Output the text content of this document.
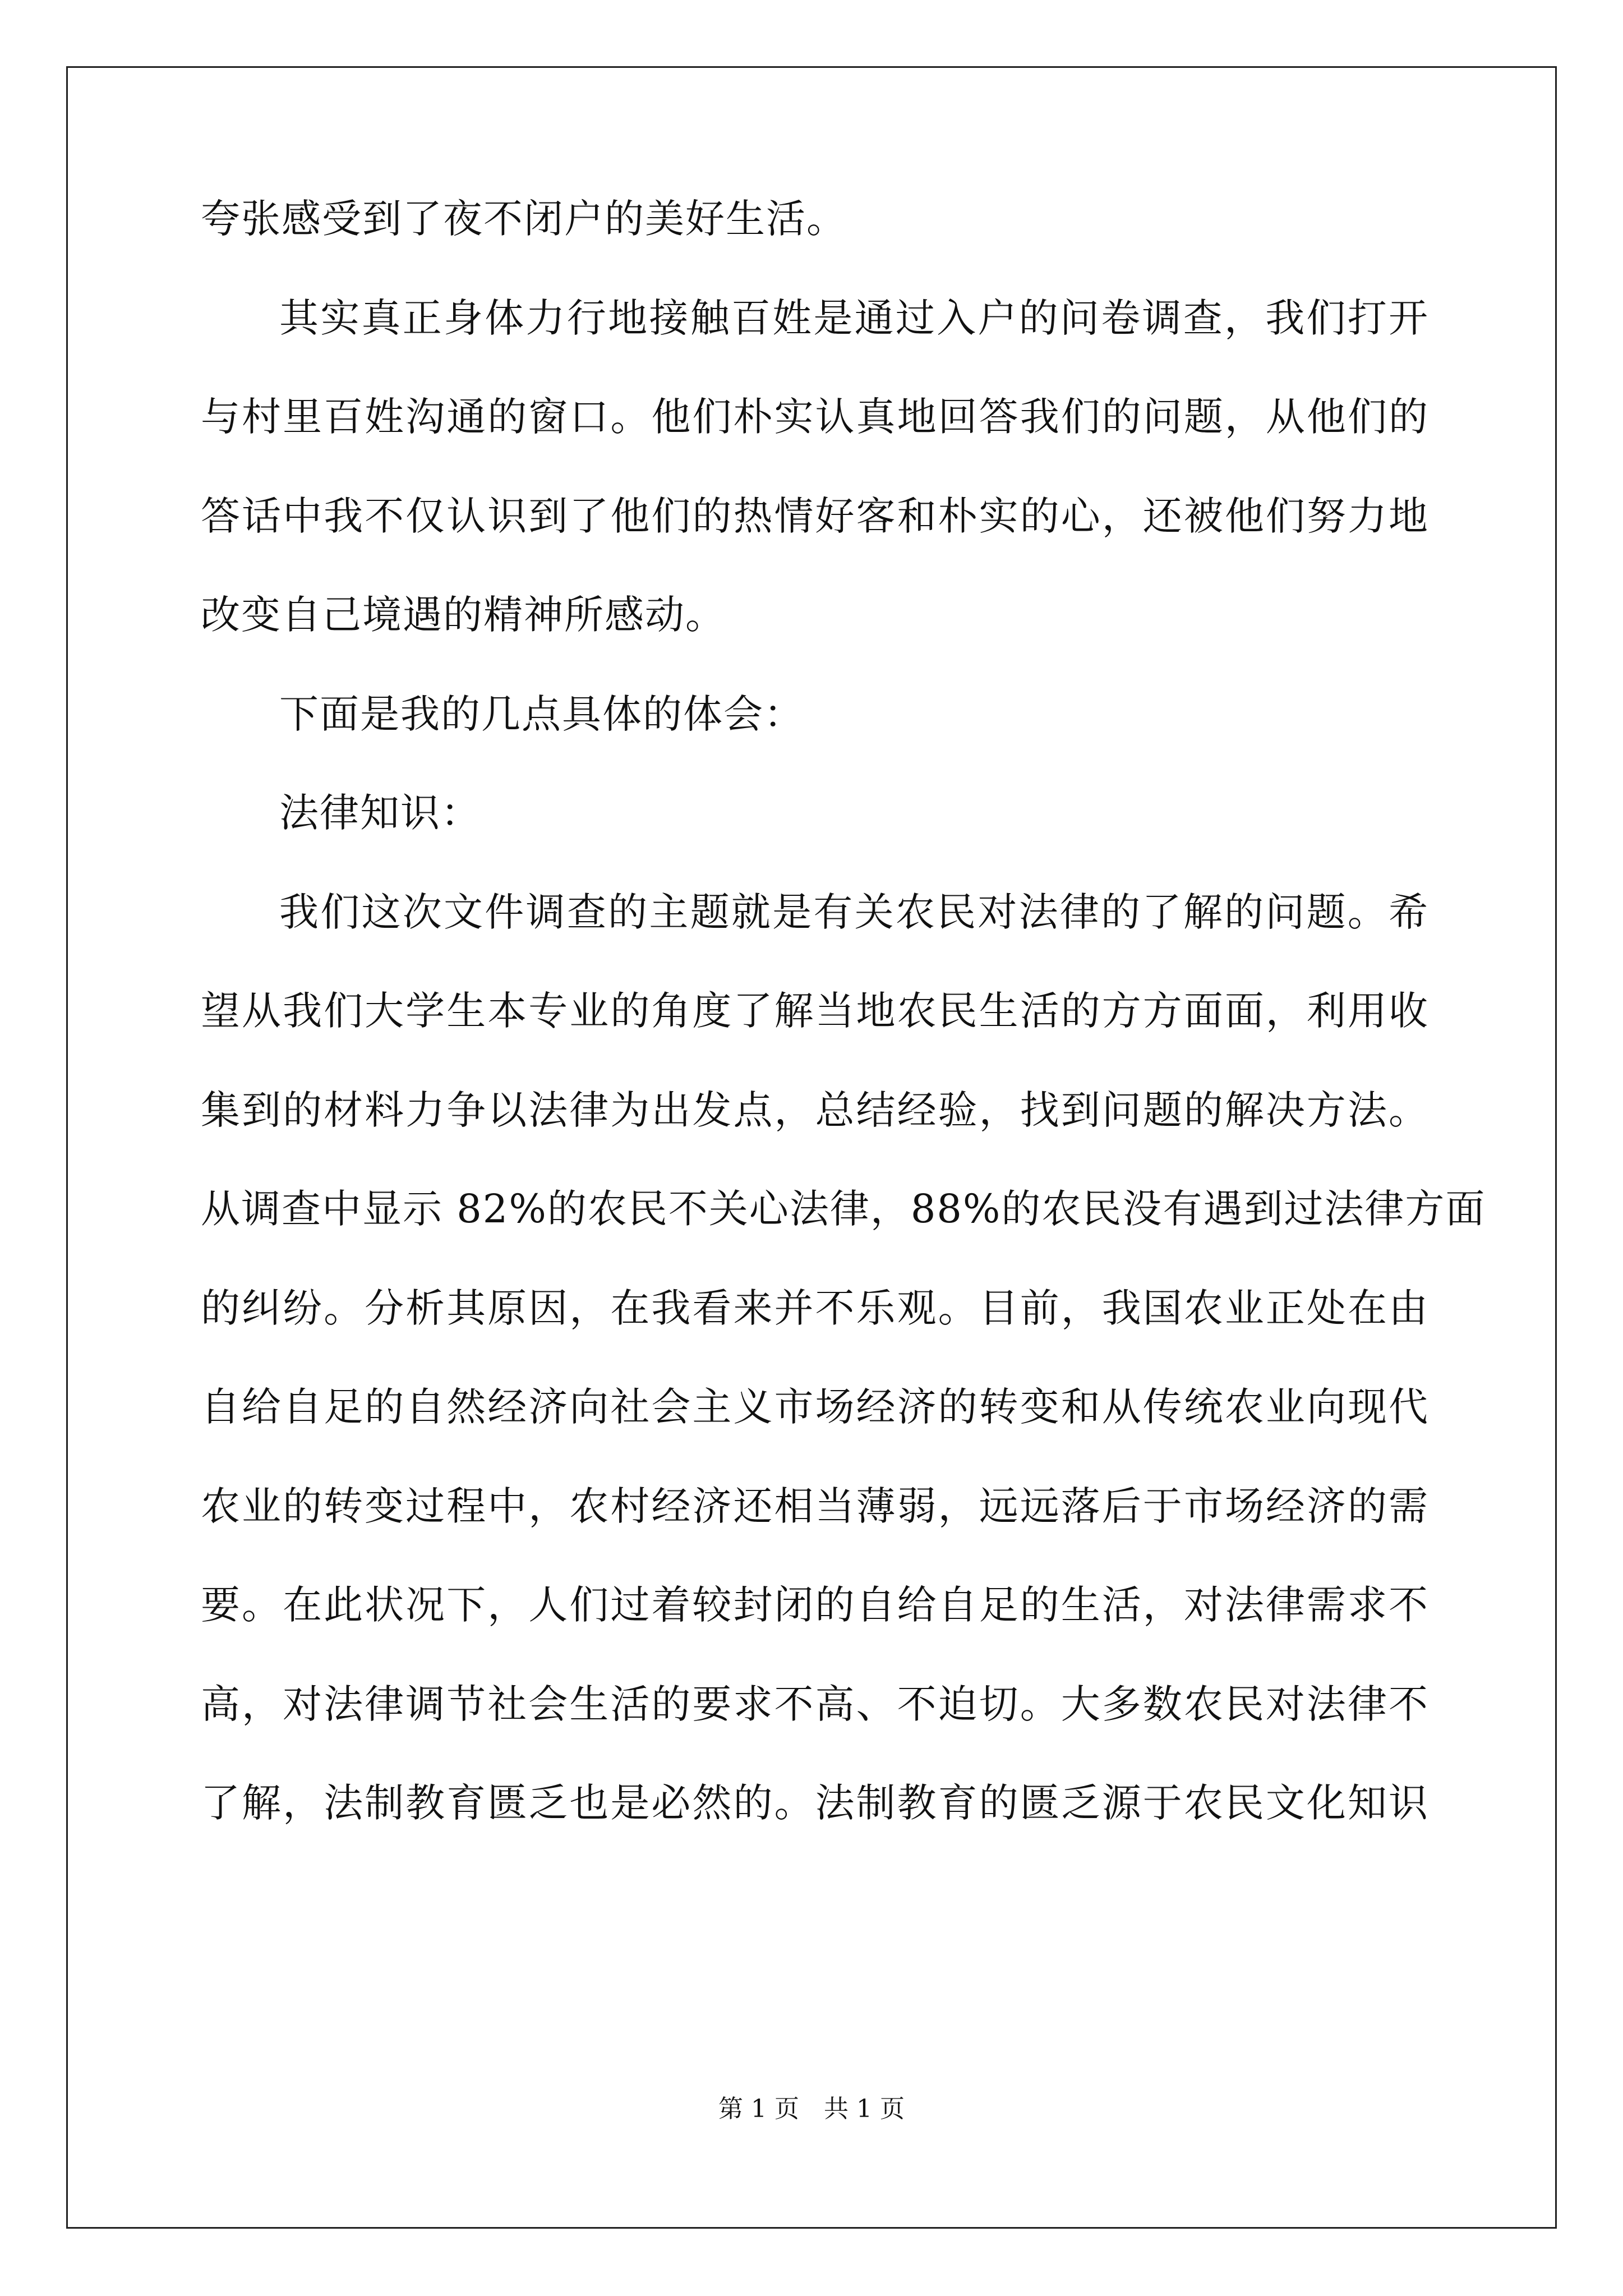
夸张感受到了夜不闭户的美好生活。
其实真正身体力行地接触百姓是通过入户的问卷调查，我们打开
与村里百姓沟通的窗口。他们朴实认真地回答我们的问题，从他们的
答话中我不仅认识到了他们的热情好客和朴实的心，还被他们努力地
改变自己境遇的精神所感动。
下面是我的几点具体的体会：
法律知识：
我们这次文件调查的主题就是有关农民对法律的了解的问题。希
望从我们大学生本专业的角度了解当地农民生活的方方面面，利用收
集到的材料力争以法律为出发点，总结经验，找到问题的解决方法。
从调查中显示 82%的农民不关心法律，88%的农民没有遇到过法律方面
的纠纷。分析其原因，在我看来并不乐观。目前，我国农业正处在由
自给自足的自然经济向社会主义市场经济的转变和从传统农业向现代
农业的转变过程中，农村经济还相当薄弱，远远落后于市场经济的需
要。在此状况下，人们过着较封闭的自给自足的生活，对法律需求不
高，对法律调节社会生活的要求不高、不迫切。大多数农民对法律不
了解，法制教育匮乏也是必然的。法制教育的匮乏源于农民文化知识
第 1 页　共 1 页
